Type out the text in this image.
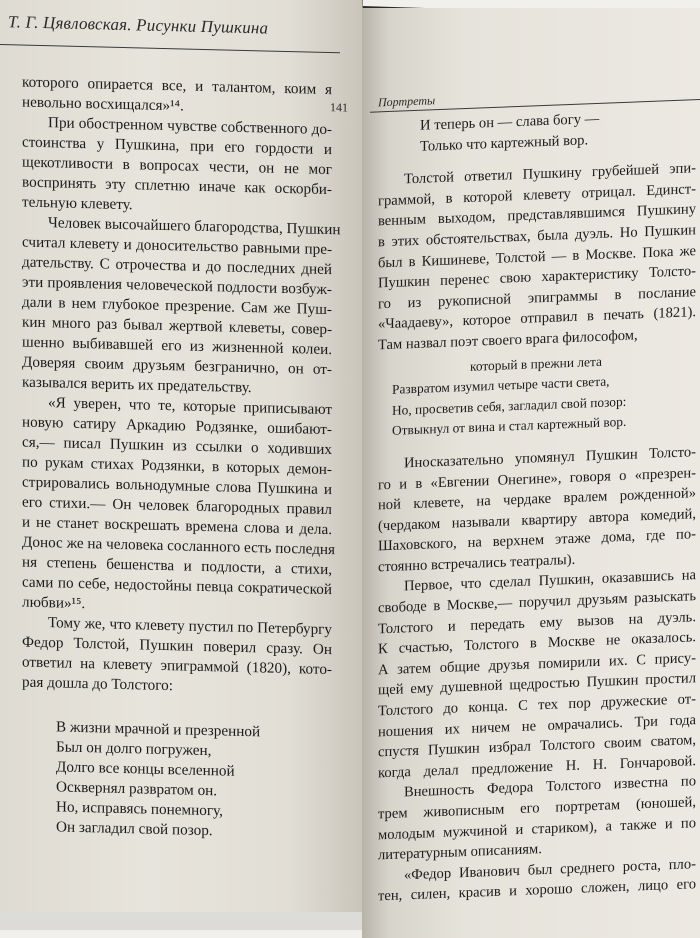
Т. Г. Цявловская. Рисунки Пушкина
141
которого опирается все, и талантом, коим я
невольно восхищался»¹⁴.
При обостренном чувстве собственного до-
стоинства у Пушкина, при его гордости и
щекотливости в вопросах чести, он не мог
воспринять эту сплетню иначе как оскорби-
тельную клевету.
Человек высочайшего благородства, Пушкин
считал клевету и доносительство равными пре-
дательству. С отрочества и до последних дней
эти проявления человеческой подлости возбуж-
дали в нем глубокое презрение. Сам же Пуш-
кин много раз бывал жертвой клеветы, совер-
шенно выбивавшей его из жизненной колеи.
Доверяя своим друзьям безгранично, он от-
казывался верить их предательству.
«Я уверен, что те, которые приписывают
новую сатиру Аркадию Родзянке, ошибают-
ся,— писал Пушкин из ссылки о ходивших
по рукам стихах Родзянки, в которых демон-
стрировались вольнодумные слова Пушкина и
его стихи.— Он человек благородных правил
и не станет воскрешать времена слова и дела.
Донос же на человека сосланного есть последня
ня степень бешенства и подлости, а стихи,
сами по себе, недостойны певца сократической
любви»¹⁵.
Тому же, что клевету пустил по Петербургу
Федор Толстой, Пушкин поверил сразу. Он
ответил на клевету эпиграммой (1820), кото-
рая дошла до Толстого:
В жизни мрачной и презренной
Был он долго погружен,
Долго все концы вселенной
Осквернял развратом он.
Но, исправясь понемногу,
Он загладил свой позор.
Портреты
И теперь он — слава богу —
Только что картежный вор.
Толстой ответил Пушкину грубейшей эпи-
граммой, в которой клевету отрицал. Единст-
венным выходом, представлявшимся Пушкину
в этих обстоятельствах, была дуэль. Но Пушкин
был в Кишиневе, Толстой — в Москве. Пока же
Пушкин перенес свою характеристику Толсто-
го из рукописной эпиграммы в послание
«Чаадаеву», которое отправил в печать (1821).
Там назвал поэт своего врага философом,
который в прежни лета
Развратом изумил четыре части света,
Но, просветив себя, загладил свой позор:
Отвыкнул от вина и стал картежный вор.
Иносказательно упомянул Пушкин Толсто-
го и в «Евгении Онегине», говоря о «презрен-
ной клевете, на чердаке вралем рожденной»
(чердаком называли квартиру автора комедий,
Шаховского, на верхнем этаже дома, где по-
стоянно встречались театралы).
Первое, что сделал Пушкин, оказавшись на
свободе в Москве,— поручил друзьям разыскать
Толстого и передать ему вызов на дуэль.
К счастью, Толстого в Москве не оказалось.
А затем общие друзья помирили их. С прису-
щей ему душевной щедростью Пушкин простил
Толстого до конца. С тех пор дружеские от-
ношения их ничем не омрачались. Три года
спустя Пушкин избрал Толстого своим сватом,
когда делал предложение Н. Н. Гончаровой.
Внешность Федора Толстого известна по
трем живописным его портретам (юношей,
молодым мужчиной и стариком), а также и по
литературным описаниям.
«Федор Иванович был среднего роста, пло-
тен, силен, красив и хорошо сложен, лицо его
